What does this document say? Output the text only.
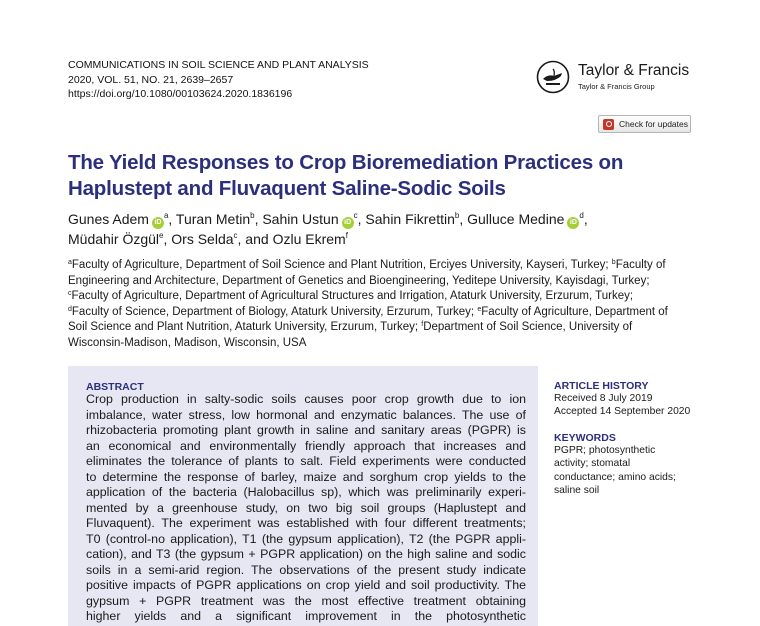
COMMUNICATIONS IN SOIL SCIENCE AND PLANT ANALYSIS
2020, VOL. 51, NO. 21, 2639–2657
https://doi.org/10.1080/00103624.2020.1836196
Taylor & Francis
Taylor & Francis Group
Check for updates
The Yield Responses to Crop Bioremediation Practices on
Haplustept and Fluvaquent Saline-Sodic Soils
Gunes Adem $iD^a$, Turan Metin$^b$, Sahin Ustun $iD^c$, Sahin Fikrettin$^b$, Gulluce Medine $iD^d$,
Müdahir Özgül$^e$, Ors Selda$^c$, and Ozlu Ekrem$^f$
$^a$Faculty of Agriculture, Department of Soil Science and Plant Nutrition, Erciyes University, Kayseri, Turkey; $^b$Faculty of
Engineering and Architecture, Department of Genetics and Bioengineering, Yeditepe University, Kayisdagi, Turkey;
$^c$Faculty of Agriculture, Department of Agricultural Structures and Irrigation, Ataturk University, Erzurum, Turkey;
$^d$Faculty of Science, Department of Biology, Ataturk University, Erzurum, Turkey; $^e$Faculty of Agriculture, Department of
Soil Science and Plant Nutrition, Ataturk University, Erzurum, Turkey; $^f$Department of Soil Science, University of
Wisconsin-Madison, Madison, Wisconsin, USA
ABSTRACT
Crop production in salty-sodic soils causes poor crop growth due to ion
imbalance, water stress, low hormonal and enzymatic balances. The use of
rhizobacteria promoting plant growth in saline and sanitary areas (PGPR) is
an economical and environmentally friendly approach that increases and
eliminates the tolerance of plants to salt. Field experiments were conducted
to determine the response of barley, maize and sorghum crop yields to the
application of the bacteria (Halobacillus sp), which was preliminarily experi-
mented by a greenhouse study, on two big soil groups (Haplustept and
Fluvaquent). The experiment was established with four different treatments;
T0 (control-no application), T1 (the gypsum application), T2 (the PGPR appli-
cation), and T3 (the gypsum + PGPR application) on the high saline and sodic
soils in a semi-arid region. The observations of the present study indicate
positive impacts of PGPR applications on crop yield and soil productivity. The
gypsum + PGPR treatment was the most effective treatment obtaining
higher yields and a significant improvement in the photosynthetic
ARTICLE HISTORY
Received 8 July 2019
Accepted 14 September 2020
KEYWORDS
PGPR; photosynthetic
activity; stomatal
conductance; amino acids;
saline soil
